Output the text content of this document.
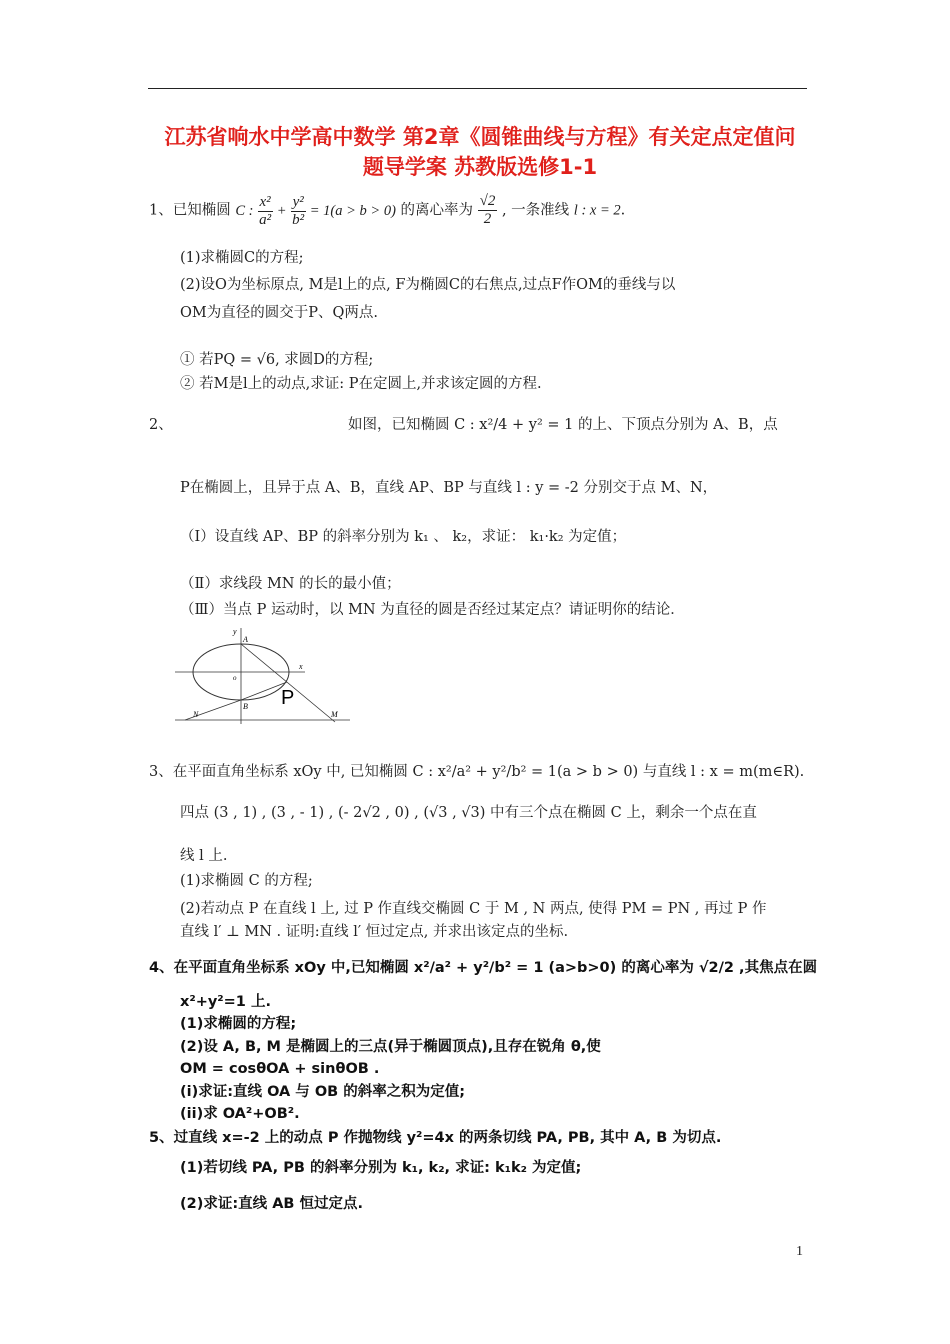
江苏省响水中学高中数学 第2章《圆锥曲线与方程》有关定点定值问
题导学案 苏教版选修1-1
1、已知椭圆 C : $\frac{\text{x²}}{\text{a²}} + \frac{\text{y²}}{\text{b²}} = 1(a > b > 0)$ 的离心率为 $\frac{√2}{2}$ , 一条准线 l : x = 2.
(1)求椭圆C的方程;
(2)设O为坐标原点, M是l上的点, F为椭圆C的右焦点,过点F作OM的垂线与以
OM为直径的圆交于P、Q两点.
① 若PQ = √6, 求圆D的方程;
② 若M是l上的动点,求证: P在定圆上,并求该定圆的方程.
2、	如图，已知椭圆 C : x²/4 + y² = 1 的上、下顶点分别为 A、B，点
P在椭圆上，且异于点 A、B，直线 AP、BP 与直线 l : y = -2 分别交于点 M、N，
（Ⅰ）设直线 AP、BP 的斜率分别为 k₁ 、 k₂，求证： k₁·k₂ 为定值；
（Ⅱ）求线段 MN 的长的最小值；
（Ⅲ）当点 P 运动时，以 MN 为直径的圆是否经过某定点？请证明你的结论．
y
x
A
o
B P
N	M
3、在平面直角坐标系 xOy 中, 已知椭圆 C : x²/a² + y²/b² = 1(a > b > 0) 与直线 l : x = m(m∈R).
四点 (3 , 1) , (3 , - 1) , (- 2√2 , 0) , (√3 , √3) 中有三个点在椭圆 C 上，剩余一个点在直
线 l 上.
(1)求椭圆 C 的方程;
(2)若动点 P 在直线 l 上, 过 P 作直线交椭圆 C 于 M , N 两点, 使得 PM = PN , 再过 P 作
直线 l′ ⊥ MN . 证明:直线 l′ 恒过定点, 并求出该定点的坐标.
4、在平面直角坐标系 xOy 中,已知椭圆 x²/a² + y²/b² = 1 (a>b>0) 的离心率为 √2/2 ,其焦点在圆
x²+y²=1 上.
(1)求椭圆的方程;
(2)设 A, B, M 是椭圆上的三点(异于椭圆顶点),且存在锐角 θ,使
OM = cosθOA + sinθOB .
(i)求证:直线 OA 与 OB 的斜率之积为定值;
(ii)求 OA²+OB².
5、过直线 x=-2 上的动点 P 作抛物线 y²=4x 的两条切线 PA, PB, 其中 A, B 为切点.
(1)若切线 PA, PB 的斜率分别为 k₁, k₂, 求证: k₁k₂ 为定值;
(2)求证:直线 AB 恒过定点.
1
